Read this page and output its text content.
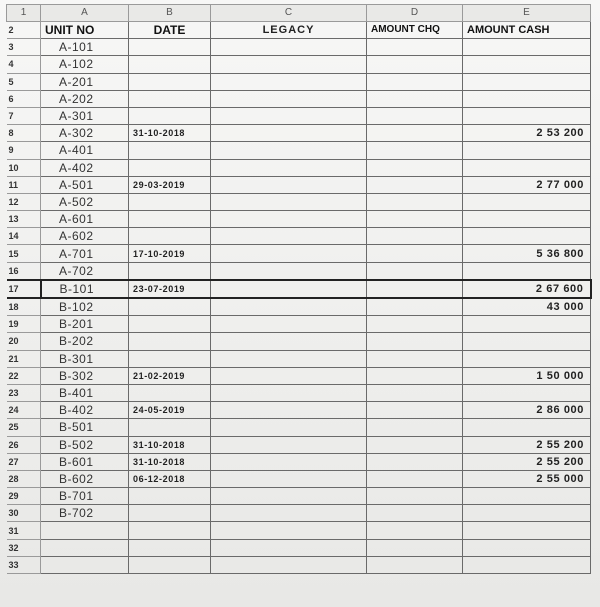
1	A	B	C	D	E
2	UNIT NO	DATE	LEGACY	AMOUNT CHQ	AMOUNT CASH
3	A-101				
4	A-102				
5	A-201				
6	A-202				
7	A-301				
8	A-302	31-10-2018			2 53 200
9	A-401				
10	A-402				
11	A-501	29-03-2019			2 77 000
12	A-502				
13	A-601				
14	A-602				
15	A-701	17-10-2019			5 36 800
16	A-702				
17	B-101	23-07-2019			2 67 600
18	B-102				43 000
19	B-201				
20	B-202				
21	B-301				
22	B-302	21-02-2019			1 50 000
23	B-401				
24	B-402	24-05-2019			2 86 000
25	B-501				
26	B-502	31-10-2018			2 55 200
27	B-601	31-10-2018			2 55 200
28	B-602	06-12-2018			2 55 000
29	B-701				
30	B-702				
31					
32					
33					
